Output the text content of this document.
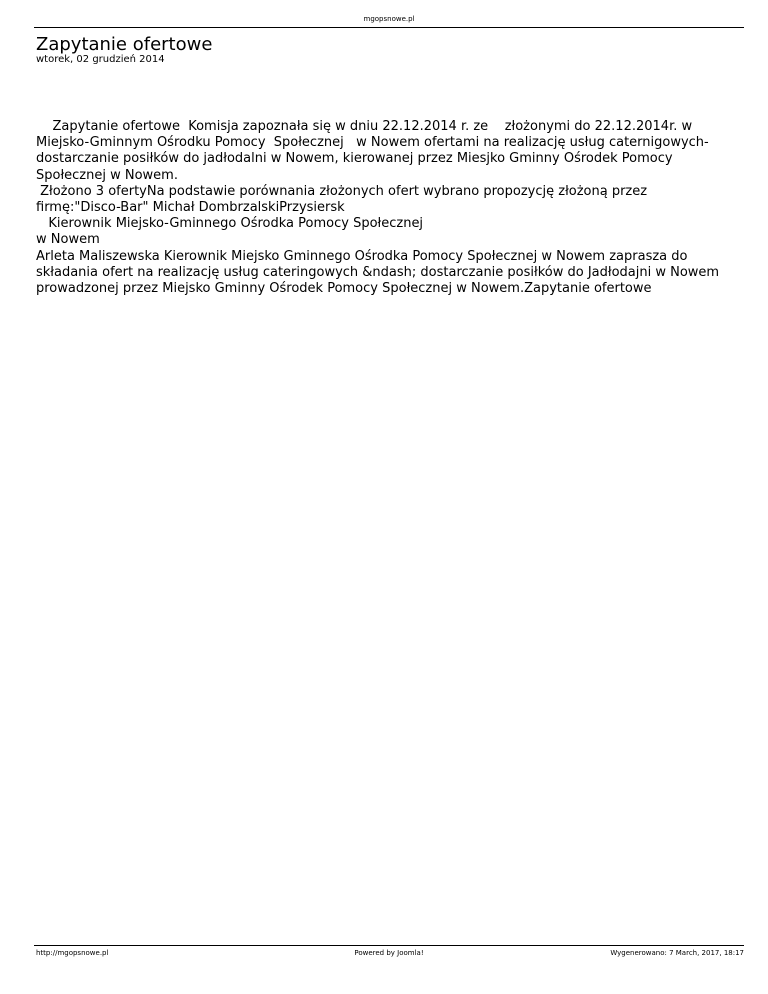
mgopsnowe.pl
Zapytanie ofertowe
wtorek, 02 grudzień 2014
Zapytanie ofertowe  Komisja zapoznała się w dniu 22.12.2014 r. ze    złożonymi do 22.12.2014r. w
Miejsko-Gminnym Ośrodku Pomocy  Społecznej   w Nowem ofertami na realizację usług caternigowych-
dostarczanie posiłków do jadłodalni w Nowem, kierowanej przez Miesjko Gminny Ośrodek Pomocy
Społecznej w Nowem.
Złożono 3 ofertyNa podstawie porównania złożonych ofert wybrano propozycję złożoną przez
firmę:"Disco-Bar" Michał DombrzalskiPrzysiersk
Kierownik Miejsko-Gminnego Ośrodka Pomocy Społecznej
w Nowem
Arleta Maliszewska Kierownik Miejsko Gminnego Ośrodka Pomocy Społecznej w Nowem zaprasza do
składania ofert na realizację usług cateringowych &ndash; dostarczanie posiłków do Jadłodajni w Nowem
prowadzonej przez Miejsko Gminny Ośrodek Pomocy Społecznej w Nowem.Zapytanie ofertowe
http://mgopsnowe.pl	Powered by Joomla!	Wygenerowano: 7 March, 2017, 18:17
